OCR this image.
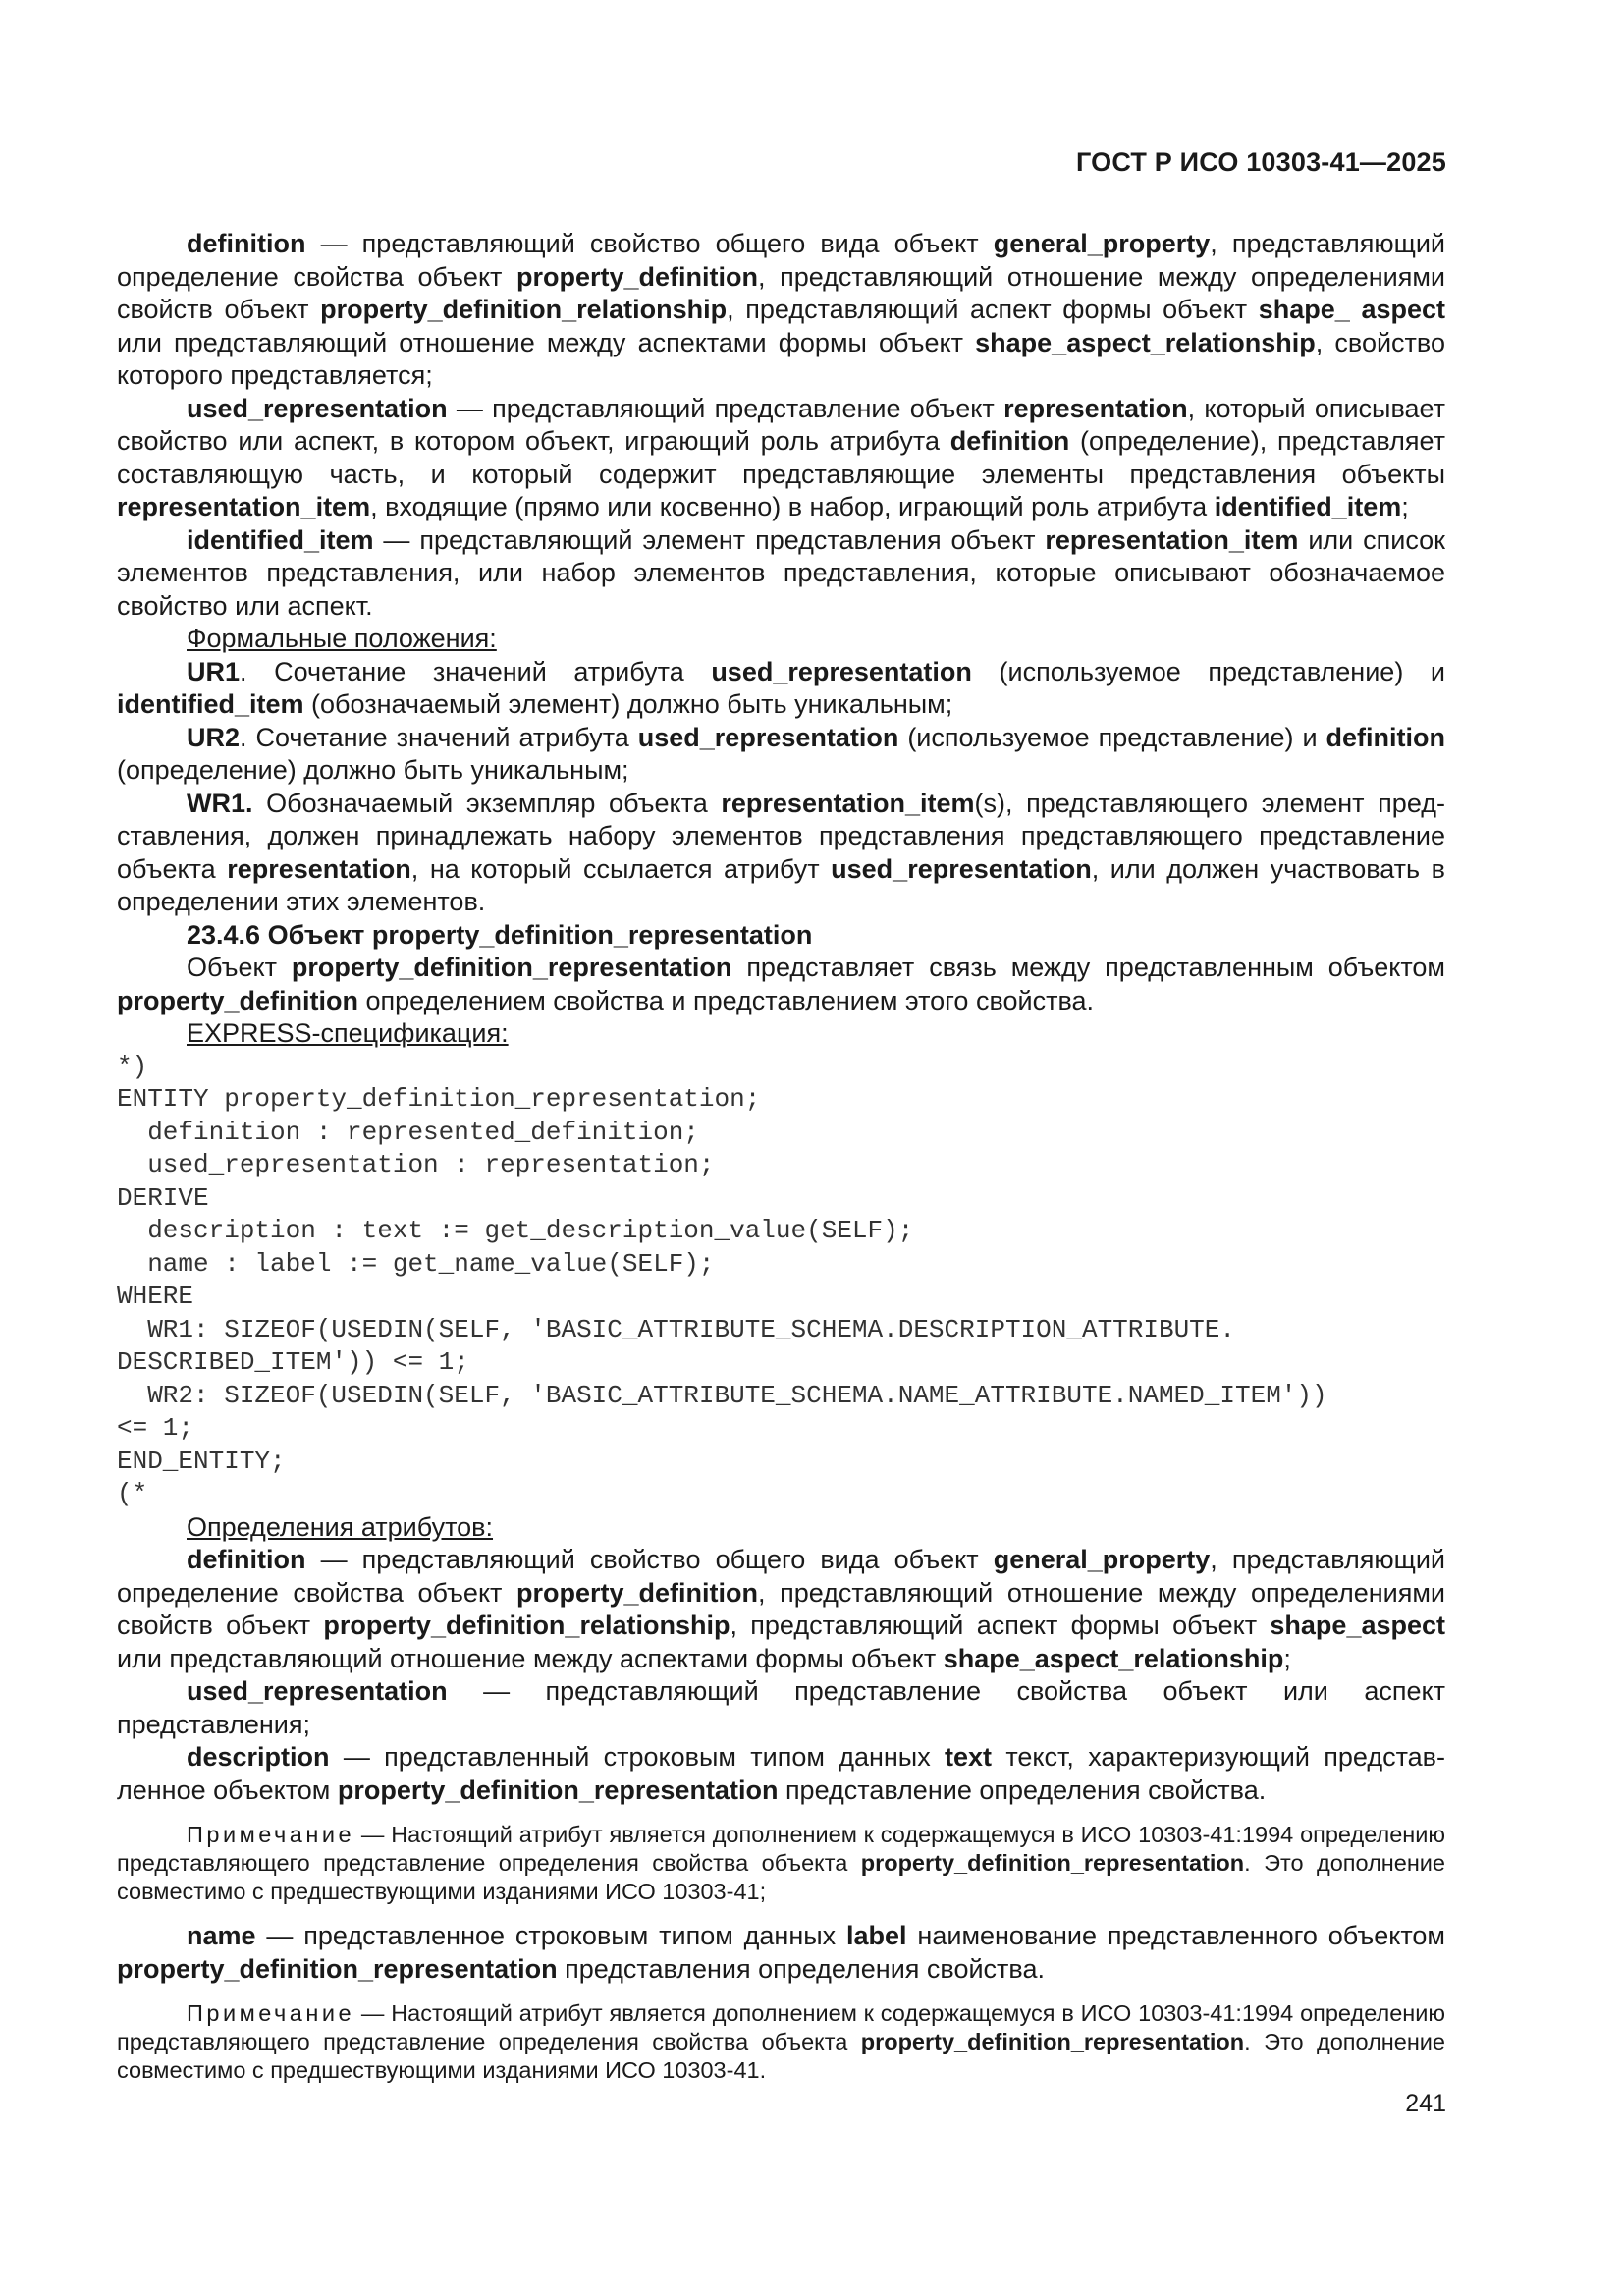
ГОСТ Р ИСО 10303-41—2025

definition — представляющий свойство общего вида объект general_property, представляющий определение свойства объект property_definition, представляющий отношение между определениями свойств объект property_definition_relationship, представляющий аспект формы объект shape_ aspect или представляющий отношение между аспектами формы объект shape_aspect_relationship, свойство которого представляется;

used_representation — представляющий представление объект representation, который описывает свойство или аспект, в котором объект, играющий роль атрибута definition (определение), представляет составляющую часть, и который содержит представляющие элементы представления объекты representation_item, входящие (прямо или косвенно) в набор, играющий роль атрибута identified_item;

identified_item — представляющий элемент представления объект representation_item или список элементов представления, или набор элементов представления, которые описывают обозначаемое свойство или аспект.

Формальные положения:

UR1. Сочетание значений атрибута used_representation (используемое представление) и identified_item (обозначаемый элемент) должно быть уникальным;

UR2. Сочетание значений атрибута used_representation (используемое представление) и definition (определение) должно быть уникальным;

WR1. Обозначаемый экземпляр объекта representation_item(s), представляющего элемент представления, должен принадлежать набору элементов представления представляющего представление объекта representation, на который ссылается атрибут used_representation, или должен участвовать в определении этих элементов.

23.4.6 Объект property_definition_representation

Объект property_definition_representation представляет связь между представленным объектом property_definition определением свойства и представлением этого свойства.

EXPRESS-спецификация:

*)
ENTITY property_definition_representation;
definition : represented_definition;
used_representation : representation;
DERIVE
description : text := get_description_value(SELF);
name : label := get_name_value(SELF);
WHERE
WR1: SIZEOF(USEDIN(SELF, 'BASIC_ATTRIBUTE_SCHEMA.DESCRIPTION_ATTRIBUTE.
DESCRIBED_ITEM')) <= 1;
WR2: SIZEOF(USEDIN(SELF, 'BASIC_ATTRIBUTE_SCHEMA.NAME_ATTRIBUTE.NAMED_ITEM'))
<= 1;
END_ENTITY;
(*

Определения атрибутов:

definition — представляющий свойство общего вида объект general_property, представляющий определение свойства объект property_definition, представляющий отношение между определениями свойств объект property_definition_relationship, представляющий аспект формы объект shape_aspect или представляющий отношение между аспектами формы объект shape_aspect_relationship;

used_representation — представляющий представление свойства объект или аспект представления;

description — представленный строковым типом данных text текст, характеризующий представленное объектом property_definition_representation представление определения свойства.

Примечание — Настоящий атрибут является дополнением к содержащемуся в ИСО 10303-41:1994 определению представляющего представление определения свойства объекта property_definition_representation. Это дополнение совместимо с предшествующими изданиями ИСО 10303-41;

name — представленное строковым типом данных label наименование представленного объектом property_definition_representation представления определения свойства.

Примечание — Настоящий атрибут является дополнением к содержащемуся в ИСО 10303-41:1994 определению представляющего представление определения свойства объекта property_definition_representation. Это дополнение совместимо с предшествующими изданиями ИСО 10303-41.

241
